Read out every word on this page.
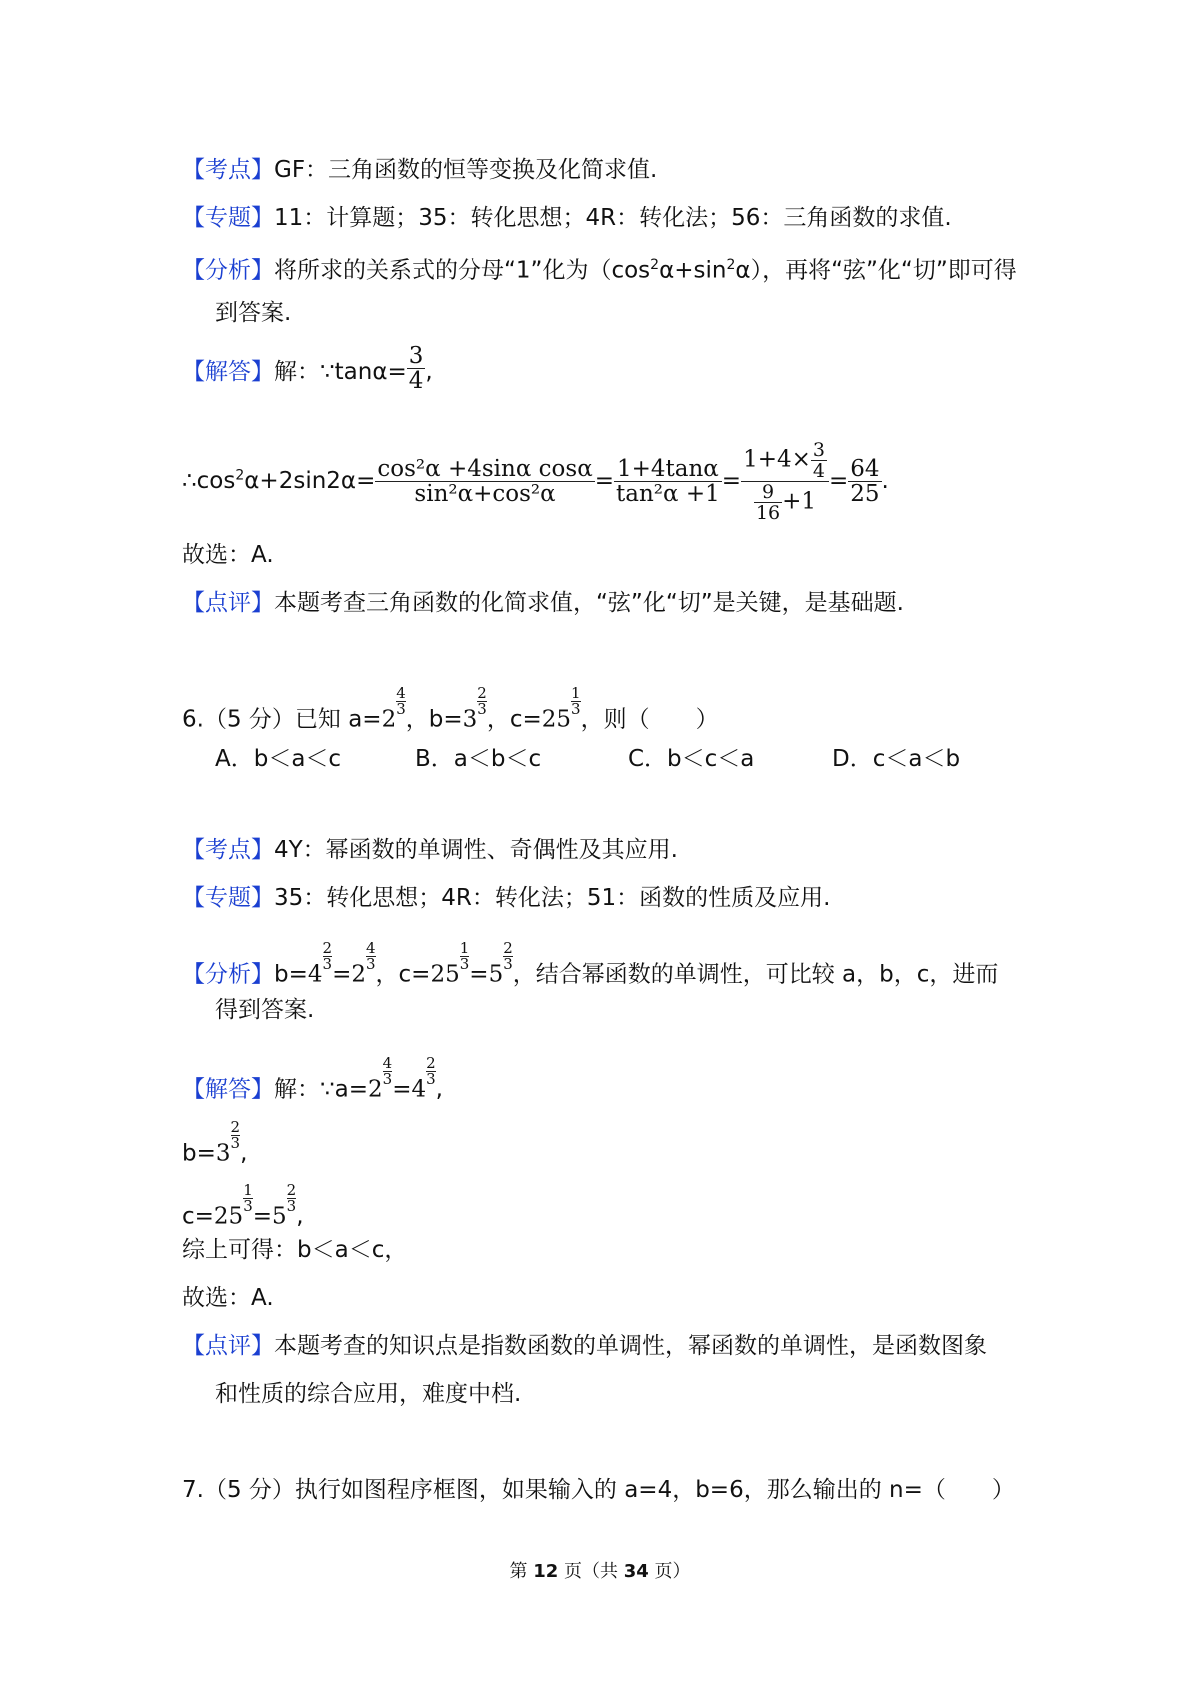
【考点】GF：三角函数的恒等变换及化简求值.
【专题】11：计算题；35：转化思想；4R：转化法；56：三角函数的求值.
【分析】将所求的关系式的分母“1”化为$(\cos^2\alpha+\sin^2\alpha)$，再将“弦”化“切”即可得
到答案.
【解答】解：∵tanα= $\frac{3}{4}$ ,
$\therefore\cos^2\alpha+2\sin 2\alpha= \frac{\text{cos²α +4sinα cosα}}{\text{sin²α+cos²α}} = \frac{1+4\tan\alpha}{\text{tan²α +1}} = \frac{1+4\times \frac{3}{4}}{\frac{9}{16} +1} = \frac{64}{25}$ .
故选：A.
【点评】本题考查三角函数的化简求值，“弦”化“切”是关键，是基础题.
6.（5 分）已知 a=2
$\frac{4}{3}$
，b=3
$\frac{2}{3}$
，c=25
$\frac{1}{3}$
，则（　　）
A．b＜a＜c	B．a＜b＜c	C．b＜c＜a	D．c＜a＜b
【考点】4Y：幂函数的单调性、奇偶性及其应用.
【专题】35：转化思想；4R：转化法；51：函数的性质及应用.
【分析】b=4
$\frac{2}{3}$
=2
$\frac{4}{3}$
，c=25
$\frac{1}{3}$
=5
$\frac{2}{3}$
，结合幂函数的单调性，可比较 a，b，c，进而
得到答案.
【解答】解：∵a=2
$\frac{4}{3}$
=4
$\frac{2}{3}$
,
b=3
$\frac{2}{3}$
,
c=25
$\frac{1}{3}$
=5
$\frac{2}{3}$
,
综上可得：b＜a＜c，
故选：A.
【点评】本题考查的知识点是指数函数的单调性，幂函数的单调性，是函数图象
和性质的综合应用，难度中档.
7.（5 分）执行如图程序框图，如果输入的 a=4，b=6，那么输出的 n=（　　）
第 12 页（共 34 页）
